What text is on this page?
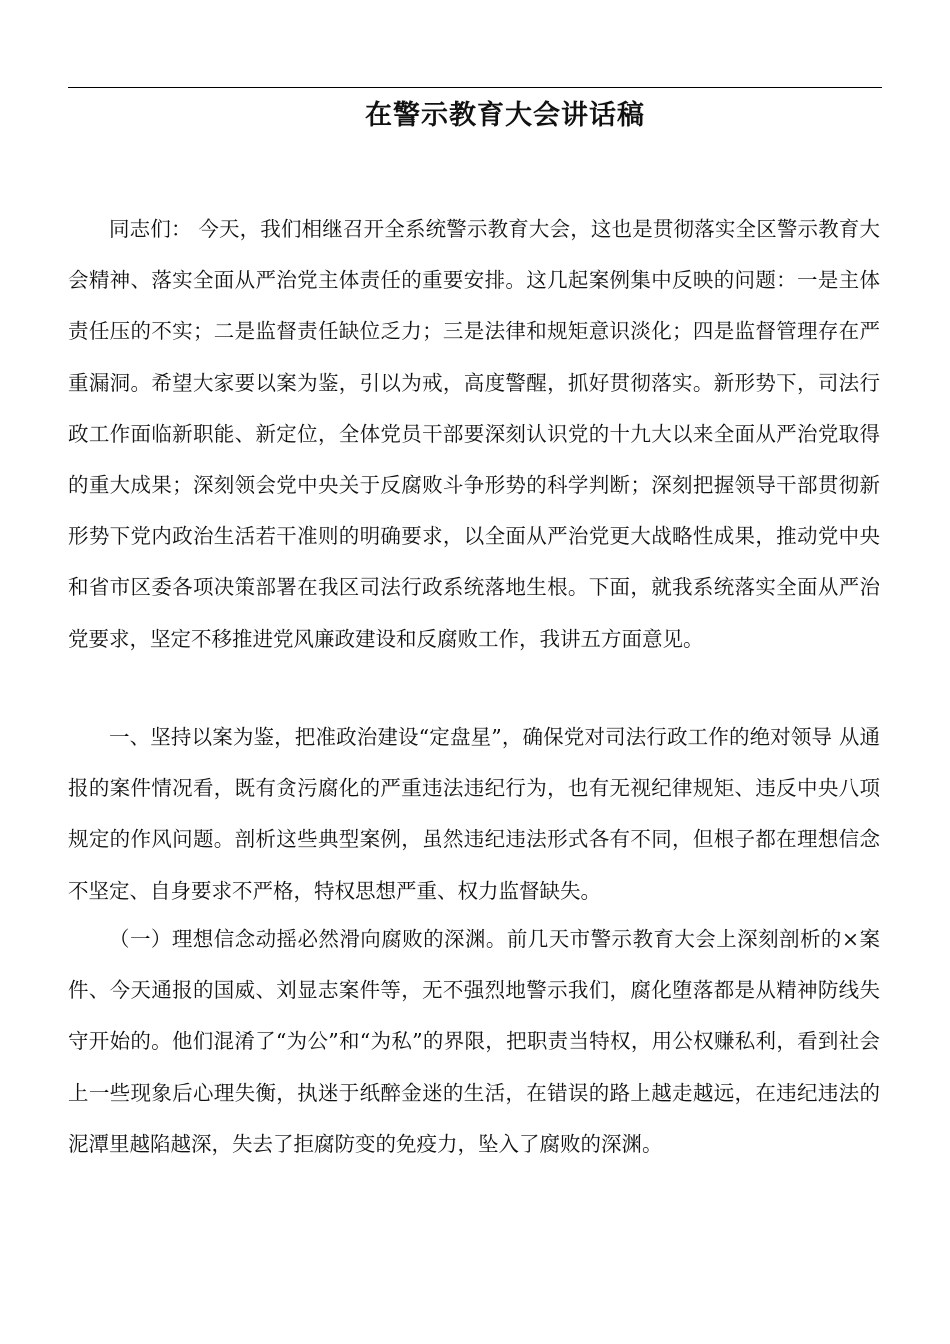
在警示教育大会讲话稿

同志们： 今天，我们相继召开全系统警示教育大会，这也是贯彻落实全区警示教育大会精神、落实全面从严治党主体责任的重要安排。这几起案例集中反映的问题：一是主体责任压的不实；二是监督责任缺位乏力；三是法律和规矩意识淡化；四是监督管理存在严重漏洞。希望大家要以案为鉴，引以为戒，高度警醒，抓好贯彻落实。新形势下，司法行政工作面临新职能、新定位，全体党员干部要深刻认识党的十九大以来全面从严治党取得的重大成果；深刻领会党中央关于反腐败斗争形势的科学判断；深刻把握领导干部贯彻新形势下党内政治生活若干准则的明确要求，以全面从严治党更大战略性成果，推动党中央和省市区委各项决策部署在我区司法行政系统落地生根。下面，就我系统落实全面从严治党要求，坚定不移推进党风廉政建设和反腐败工作，我讲五方面意见。

一、坚持以案为鉴，把准政治建设“定盘星”，确保党对司法行政工作的绝对领导 从通报的案件情况看，既有贪污腐化的严重违法违纪行为，也有无视纪律规矩、违反中央八项规定的作风问题。剖析这些典型案例，虽然违纪违法形式各有不同，但根子都在理想信念不坚定、自身要求不严格，特权思想严重、权力监督缺失。

（一）理想信念动摇必然滑向腐败的深渊。前几天市警示教育大会上深刻剖析的×案件、今天通报的国威、刘显志案件等，无不强烈地警示我们，腐化堕落都是从精神防线失守开始的。他们混淆了“为公”和“为私”的界限，把职责当特权，用公权赚私利，看到社会上一些现象后心理失衡，执迷于纸醉金迷的生活，在错误的路上越走越远，在违纪违法的泥潭里越陷越深，失去了拒腐防变的免疫力，坠入了腐败的深渊。
